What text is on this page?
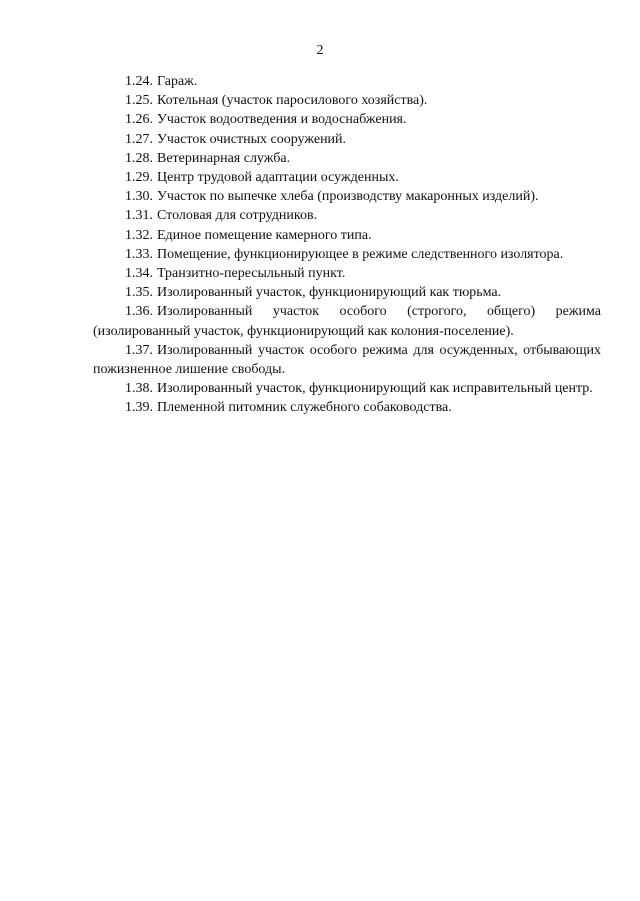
2

1.24. Гараж.

1.25. Котельная (участок паросилового хозяйства).

1.26. Участок водоотведения и водоснабжения.

1.27. Участок очистных сооружений.

1.28. Ветеринарная служба.

1.29. Центр трудовой адаптации осужденных.

1.30. Участок по выпечке хлеба (производству макаронных изделий).

1.31. Столовая для сотрудников.

1.32. Единое помещение камерного типа.

1.33. Помещение, функционирующее в режиме следственного изолятора.

1.34. Транзитно-пересыльный пункт.

1.35. Изолированный участок, функционирующий как тюрьма.

1.36. Изолированный участок особого (строгого, общего) режима (изолированный участок, функционирующий как колония-поселение).

1.37. Изолированный участок особого режима для осужденных, отбывающих пожизненное лишение свободы.

1.38. Изолированный участок, функционирующий как исправительный центр.

1.39. Племенной питомник служебного собаководства.
